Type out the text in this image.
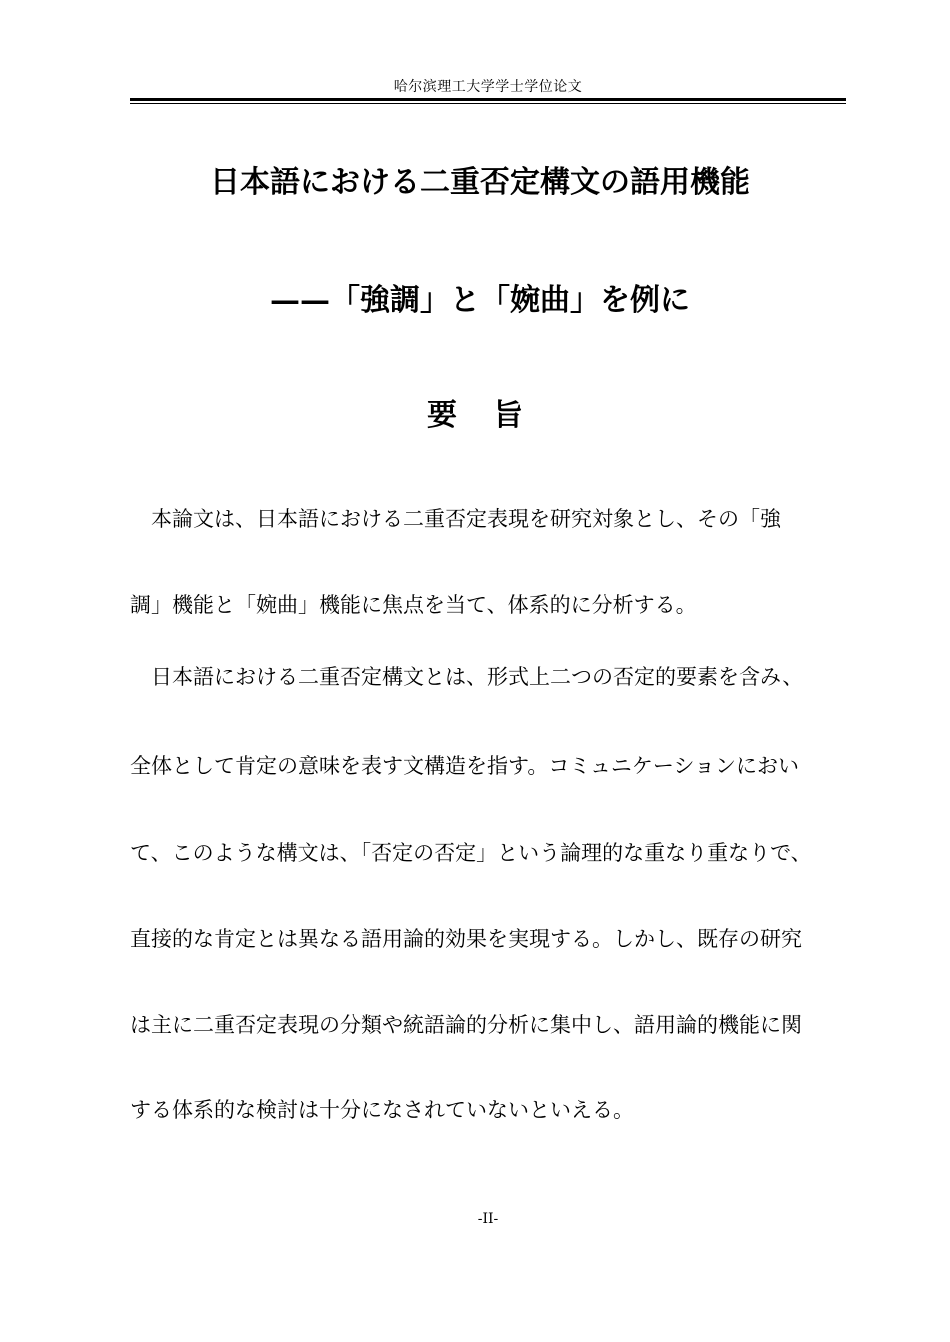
哈尔滨理工大学学士学位论文
日本語における二重否定構文の語用機能
——「強調」と「婉曲」を例に
要旨
　本論文は、日本語における二重否定表現を研究対象とし、その「強
調」機能と「婉曲」機能に焦点を当て、体系的に分析する。
　日本語における二重否定構文とは、形式上二つの否定的要素を含み、
全体として肯定の意味を表す文構造を指す。コミュニケーションにおい
て、このような構文は、「否定の否定」という論理的な重なり重なりで、
直接的な肯定とは異なる語用論的効果を実現する。しかし、既存の研究
は主に二重否定表現の分類や統語論的分析に集中し、語用論的機能に関
する体系的な検討は十分になされていないといえる。
-II-
